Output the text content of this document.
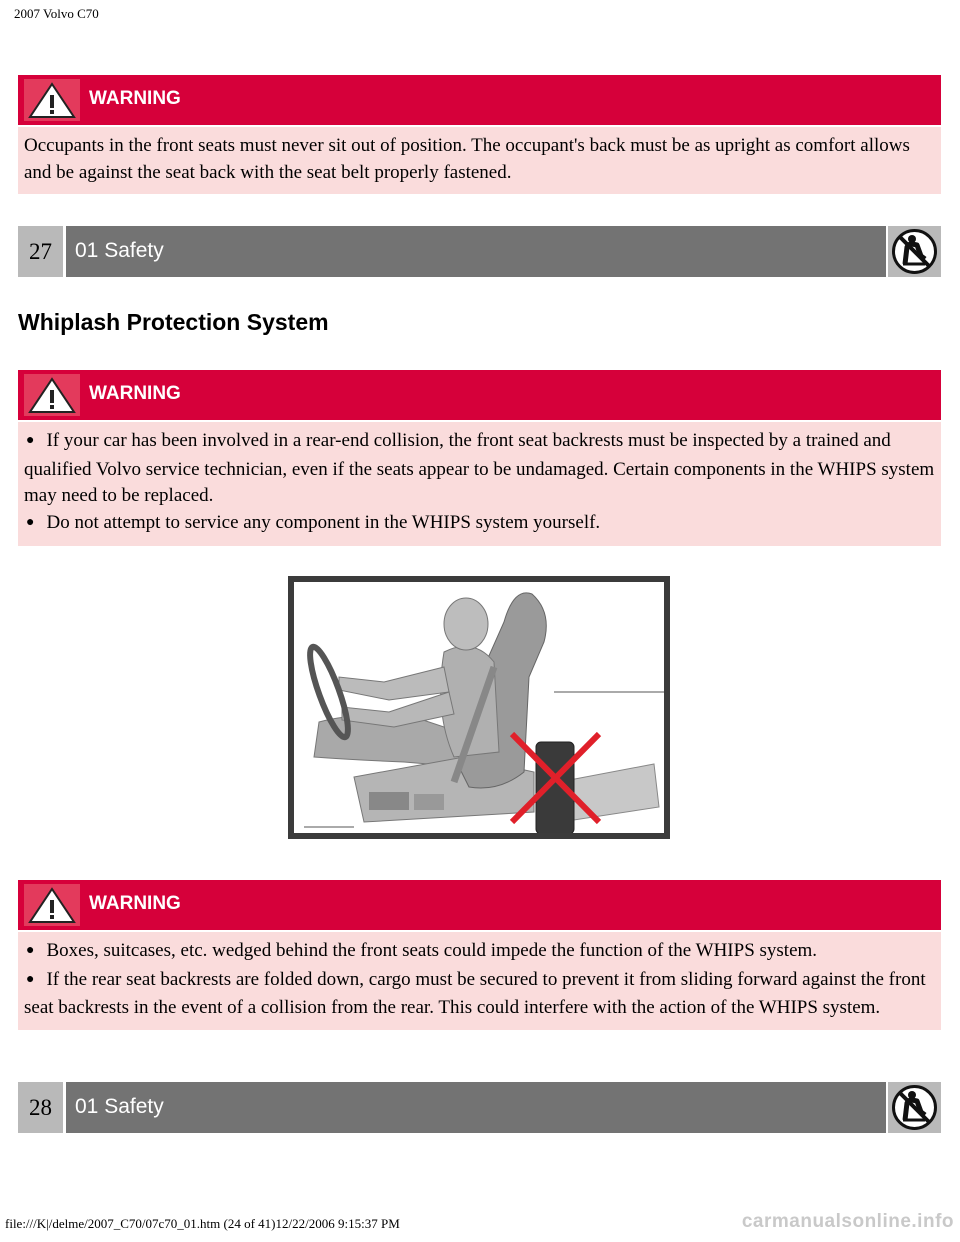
2007 Volvo C70
WARNING

Occupants in the front seats must never sit out of position. The occupant's back must be as upright as comfort allows and be against the seat back with the seat belt properly fastened.

27	01 Safety
Whiplash Protection System
WARNING
● If your car has been involved in a rear-end collision, the front seat backrests must be inspected by a trained and qualified Volvo service technician, even if the seats appear to be undamaged. Certain components in the WHIPS system may need to be replaced.
● Do not attempt to service any component in the WHIPS system yourself.
WARNING
● Boxes, suitcases, etc. wedged behind the front seats could impede the function of the WHIPS system.
● If the rear seat backrests are folded down, cargo must be secured to prevent it from sliding forward against the front seat backrests in the event of a collision from the rear. This could interfere with the action of the WHIPS system.
28	01 Safety
file:///K|/delme/2007_C70/07c70_01.htm (24 of 41)12/22/2006 9:15:37 PM	carmanualsonline.info
